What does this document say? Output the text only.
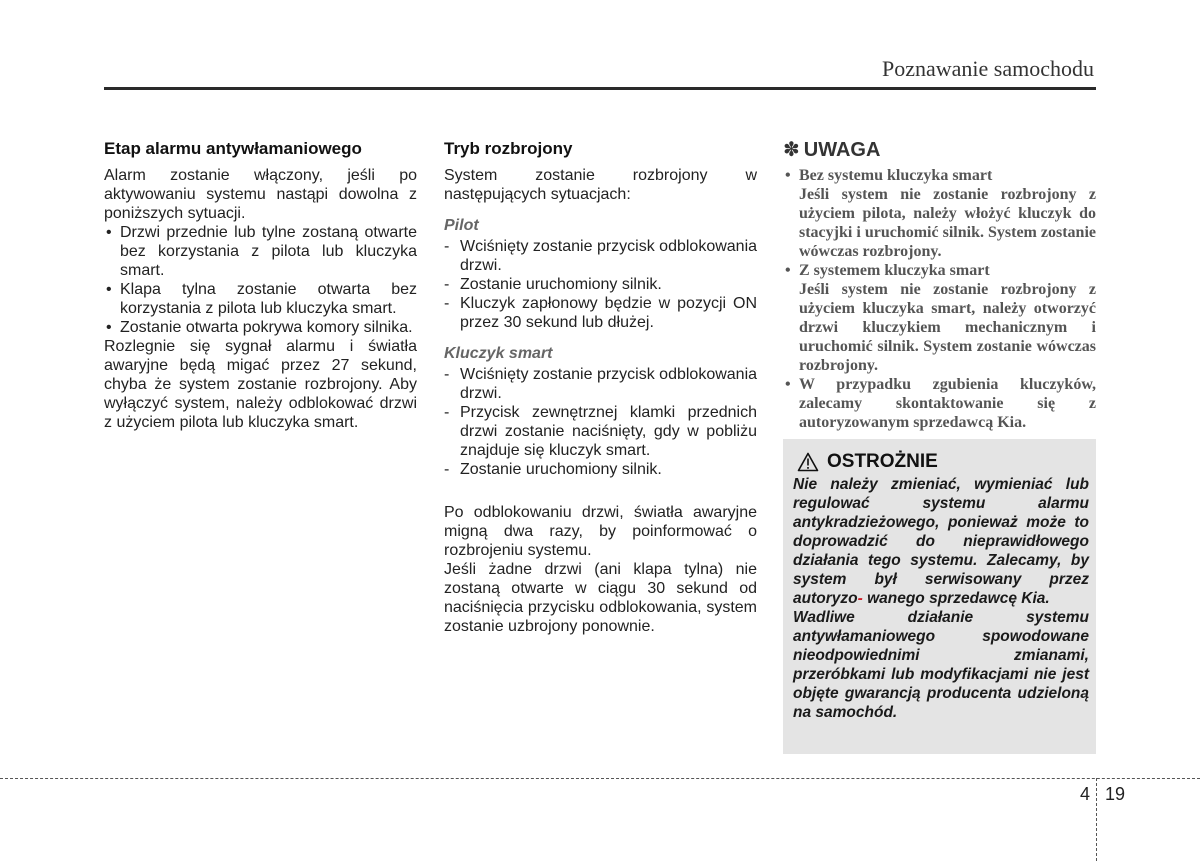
Poznawanie samochodu
Etap alarmu antywłamaniowego

Alarm zostanie włączony, jeśli po aktywowaniu systemu nastąpi dowolna z poniższych sytuacji.

• Drzwi przednie lub tylne zostaną otwarte bez korzystania z pilota lub kluczyka smart.
• Klapa tylna zostanie otwarta bez korzystania z pilota lub kluczyka smart.
• Zostanie otwarta pokrywa komory silnika.

Rozlegnie się sygnał alarmu i światła awaryjne będą migać przez 27 sekund, chyba że system zostanie rozbrojony. Aby wyłączyć system, należy odblokować drzwi z użyciem pilota lub kluczyka smart.

Tryb rozbrojony

System zostanie rozbrojony w następujących sytuacjach:

Pilot
- Wciśnięty zostanie przycisk odblokowania drzwi.
- Zostanie uruchomiony silnik.
- Kluczyk zapłonowy będzie w pozycji ON przez 30 sekund lub dłużej.
Kluczyk smart
- Wciśnięty zostanie przycisk odblokowania drzwi.
- Przycisk zewnętrznej klamki przednich drzwi zostanie naciśnięty, gdy w pobliżu znajduje się kluczyk smart.
- Zostanie uruchomiony silnik.

Po odblokowaniu drzwi, światła awaryjne migną dwa razy, by poinformować o rozbrojeniu systemu.

Jeśli żadne drzwi (ani klapa tylna) nie zostaną otwarte w ciągu 30 sekund od naciśnięcia przycisku odblokowania, system zostanie uzbrojony ponownie.

✽ UWAGA
• Bez systemu kluczyka smart
Jeśli system nie zostanie rozbrojony z użyciem pilota, należy włożyć kluczyk do stacyjki i uruchomić silnik. System zostanie wówczas rozbrojony.
• Z systemem kluczyka smart
Jeśli system nie zostanie rozbrojony z użyciem kluczyka smart, należy otworzyć drzwi kluczykiem mechanicznym i uruchomić silnik. System zostanie wówczas rozbrojony.
• W przypadku zgubienia kluczyków, zalecamy skontaktowanie się z autoryzowanym sprzedawcą Kia.
OSTROŻNIE

Nie należy zmieniać, wymieniać lub regulować systemu alarmu antykradzieżowego, ponieważ może to doprowadzić do nieprawidłowego działania tego systemu. Zalecamy, by system był serwisowany przez autoryzo- wanego sprzedawcę Kia.

Wadliwe działanie systemu antywłamaniowego spowodowane nieodpowiednimi zmianami, przeróbkami lub modyfikacjami nie jest objęte gwarancją producenta udzieloną na samochód.

4 19
